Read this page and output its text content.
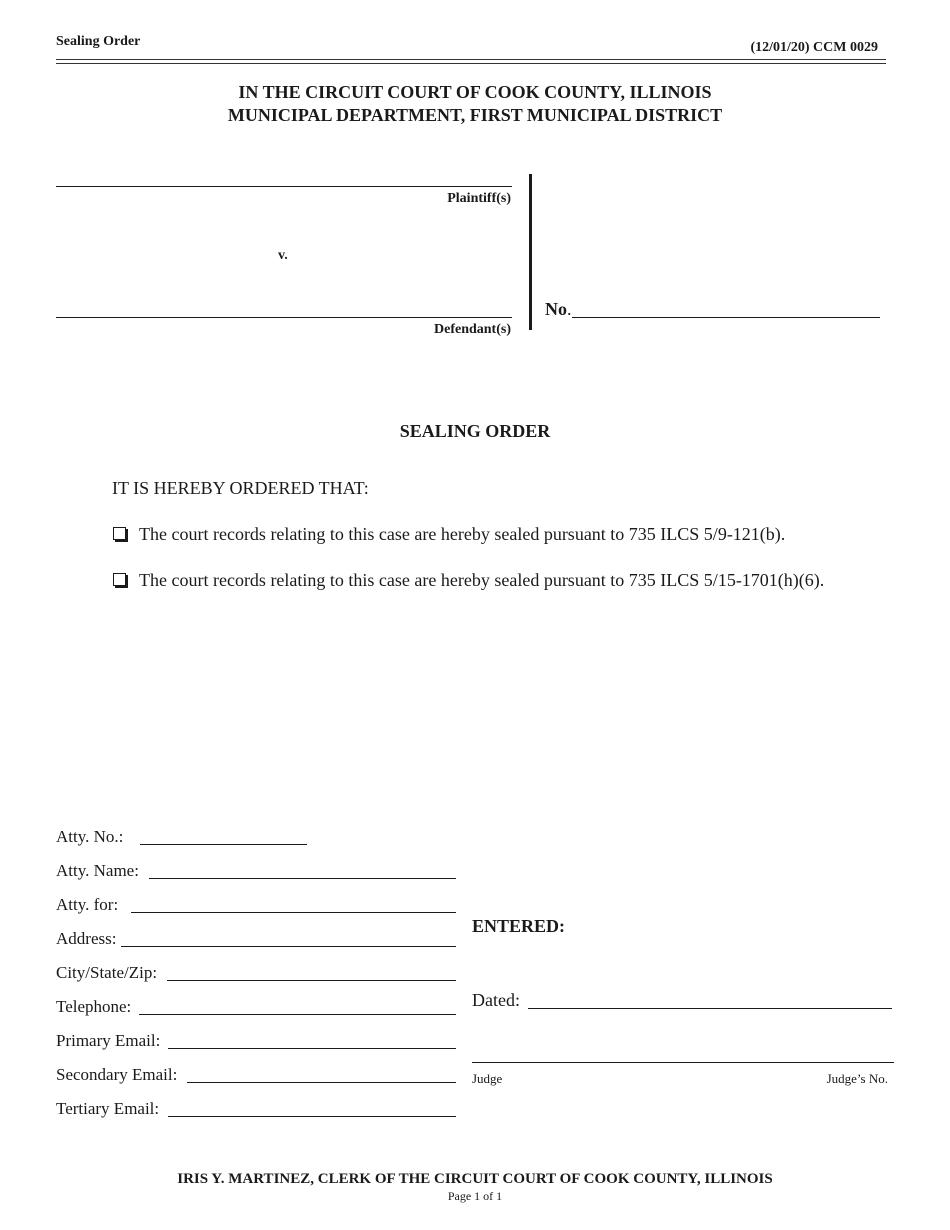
Sealing Order	(12/01/20) CCM 0029
IN THE CIRCUIT COURT OF COOK COUNTY, ILLINOIS
MUNICIPAL DEPARTMENT, FIRST MUNICIPAL DISTRICT
Plaintiff(s)
v.
Defendant(s)
No.
SEALING ORDER
IT IS HEREBY ORDERED THAT:
The court records relating to this case are hereby sealed pursuant to 735 ILCS 5/9-121(b).
The court records relating to this case are hereby sealed pursuant to 735 ILCS 5/15-1701(h)(6).
Atty. No.:
Atty. Name:
Atty. for:
Address:
City/State/Zip:
Telephone:
Primary Email:
Secondary Email:
Tertiary Email:
ENTERED:
Dated:
Judge	Judge’s No.
IRIS Y. MARTINEZ, CLERK OF THE CIRCUIT COURT OF COOK COUNTY, ILLINOIS
Page 1 of 1
